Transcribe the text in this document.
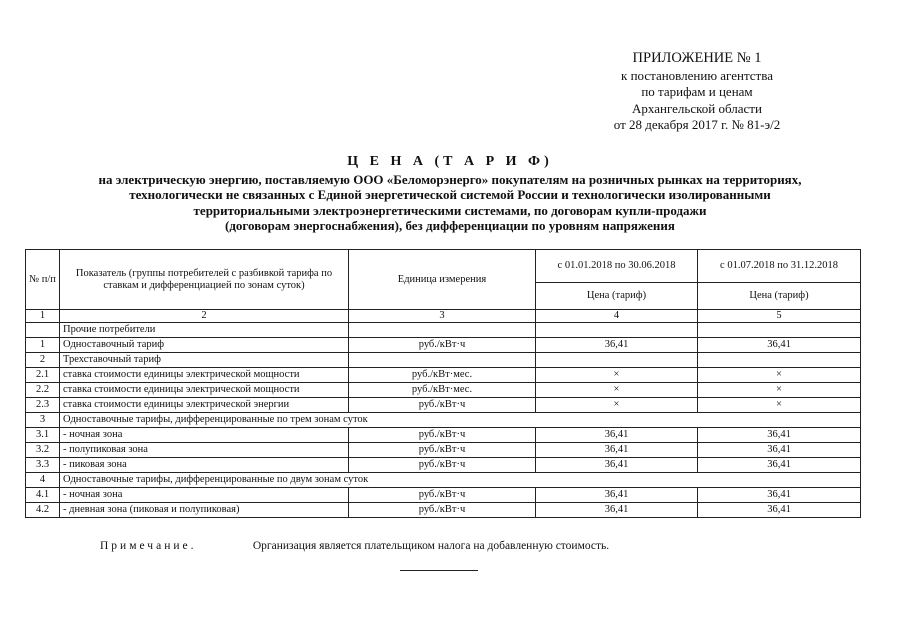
ПРИЛОЖЕНИЕ № 1
к постановлению агентства
по тарифам и ценам
Архангельской области
от 28 декабря 2017 г. № 81-э/2
Ц Е Н А (Т А Р И Ф)
на электрическую энергию, поставляемую ООО «Беломорэнерго» покупателям на розничных рынках на территориях,
технологически не связанных с Единой энергетической системой России и технологически изолированными
территориальными электроэнергетическими системами, по договорам купли-продажи
(договорам энергоснабжения), без дифференциации по уровням напряжения
№ п/п	Показатель (группы потребителей с разбивкой тарифа по ставкам и дифференциацией по зонам суток)	Единица измерения	с 01.01.2018 по 30.06.2018	с 01.07.2018 по 31.12.2018
			Цена (тариф)	Цена (тариф)
1	2	3	4	5
	Прочие потребители			
1	Одноставочный тариф	руб./кВт·ч	36,41	36,41
2	Трехставочный тариф			
2.1	ставка стоимости единицы электрической мощности	руб./кВт·мес.	×	×
2.2	ставка стоимости единицы электрической мощности	руб./кВт·мес.	×	×
2.3	ставка стоимости единицы электрической энергии	руб./кВт·ч	×	×
3	Одноставочные тарифы, дифференцированные по трем зонам суток			
3.1	- ночная зона	руб./кВт·ч	36,41	36,41
3.2	- полупиковая зона	руб./кВт·ч	36,41	36,41
3.3	- пиковая зона	руб./кВт·ч	36,41	36,41
4	Одноставочные тарифы, дифференцированные по двум зонам суток			
4.1	- ночная зона	руб./кВт·ч	36,41	36,41
4.2	- дневная зона (пиковая и полупиковая)	руб./кВт·ч	36,41	36,41
Примечание.	Организация является плательщиком налога на добавленную стоимость.
